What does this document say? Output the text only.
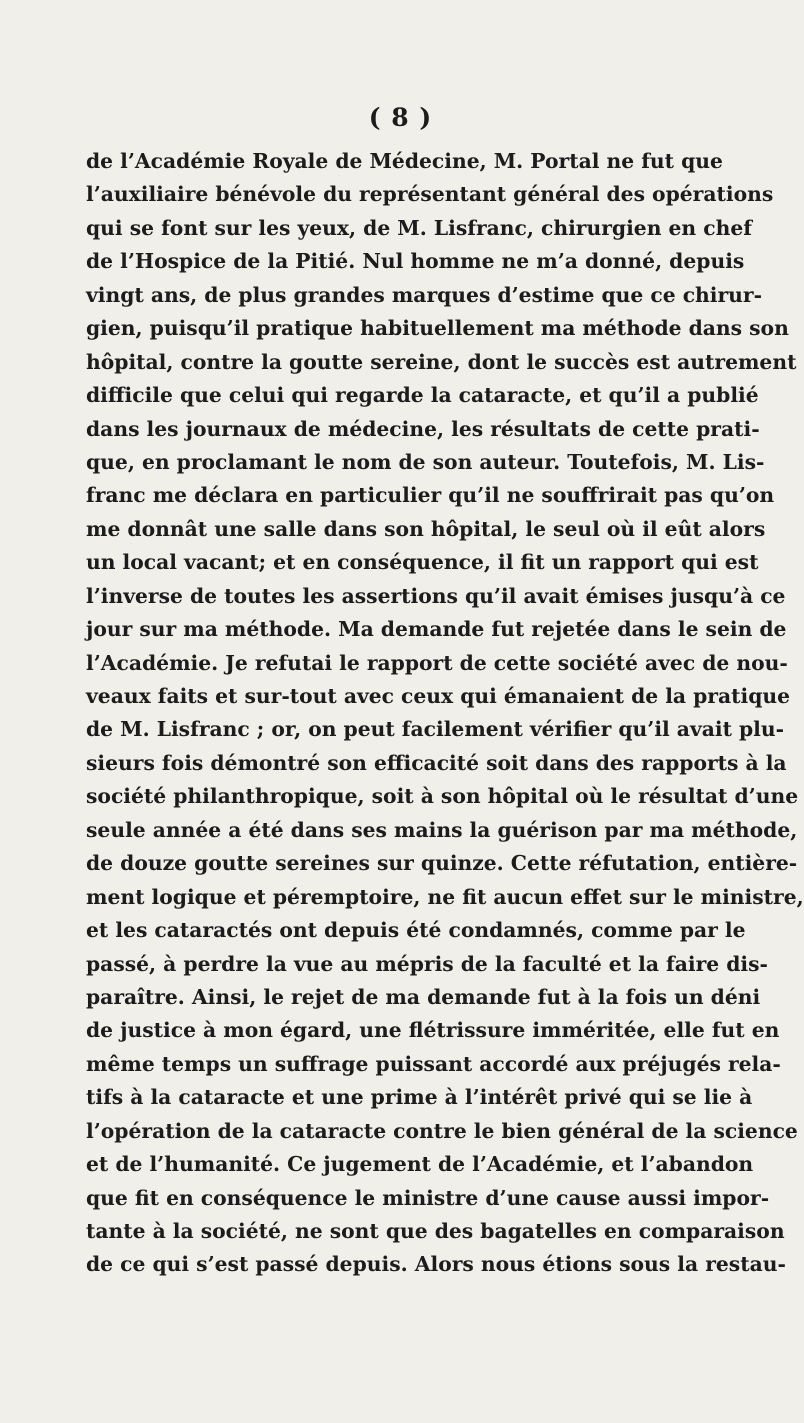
( 8 )
de l’Académie Royale de Médecine, M. Portal ne fut que
l’auxiliaire bénévole du représentant général des opérations
qui se font sur les yeux, de M. Lisfranc, chirurgien en chef
de l’Hospice de la Pitié. Nul homme ne m’a donné, depuis
vingt ans, de plus grandes marques d’estime que ce chirur-
gien, puisqu’il pratique habituellement ma méthode dans son
hôpital, contre la goutte sereine, dont le succès est autrement
difficile que celui qui regarde la cataracte, et qu’il a publié
dans les journaux de médecine, les résultats de cette prati-
que, en proclamant le nom de son auteur. Toutefois, M. Lis-
franc me déclara en particulier qu’il ne souffrirait pas qu’on
me donnât une salle dans son hôpital, le seul où il eût alors
un local vacant; et en conséquence, il fit un rapport qui est
l’inverse de toutes les assertions qu’il avait émises jusqu’à ce
jour sur ma méthode. Ma demande fut rejetée dans le sein de
l’Académie. Je refutai le rapport de cette société avec de nou-
veaux faits et sur-tout avec ceux qui émanaient de la pratique
de M. Lisfranc ; or, on peut facilement vérifier qu’il avait plu-
sieurs fois démontré son efficacité soit dans des rapports à la
société philanthropique, soit à son hôpital où le résultat d’une
seule année a été dans ses mains la guérison par ma méthode,
de douze goutte sereines sur quinze. Cette réfutation, entière-
ment logique et péremptoire, ne fit aucun effet sur le ministre,
et les cataractés ont depuis été condamnés, comme par le
passé, à perdre la vue au mépris de la faculté et la faire dis-
paraître. Ainsi, le rejet de ma demande fut à la fois un déni
de justice à mon égard, une flétrissure imméritée, elle fut en
même temps un suffrage puissant accordé aux préjugés rela-
tifs à la cataracte et une prime à l’intérêt privé qui se lie à
l’opération de la cataracte contre le bien général de la science
et de l’humanité. Ce jugement de l’Académie, et l’abandon
que fit en conséquence le ministre d’une cause aussi impor-
tante à la société, ne sont que des bagatelles en comparaison
de ce qui s’est passé depuis. Alors nous étions sous la restau-
